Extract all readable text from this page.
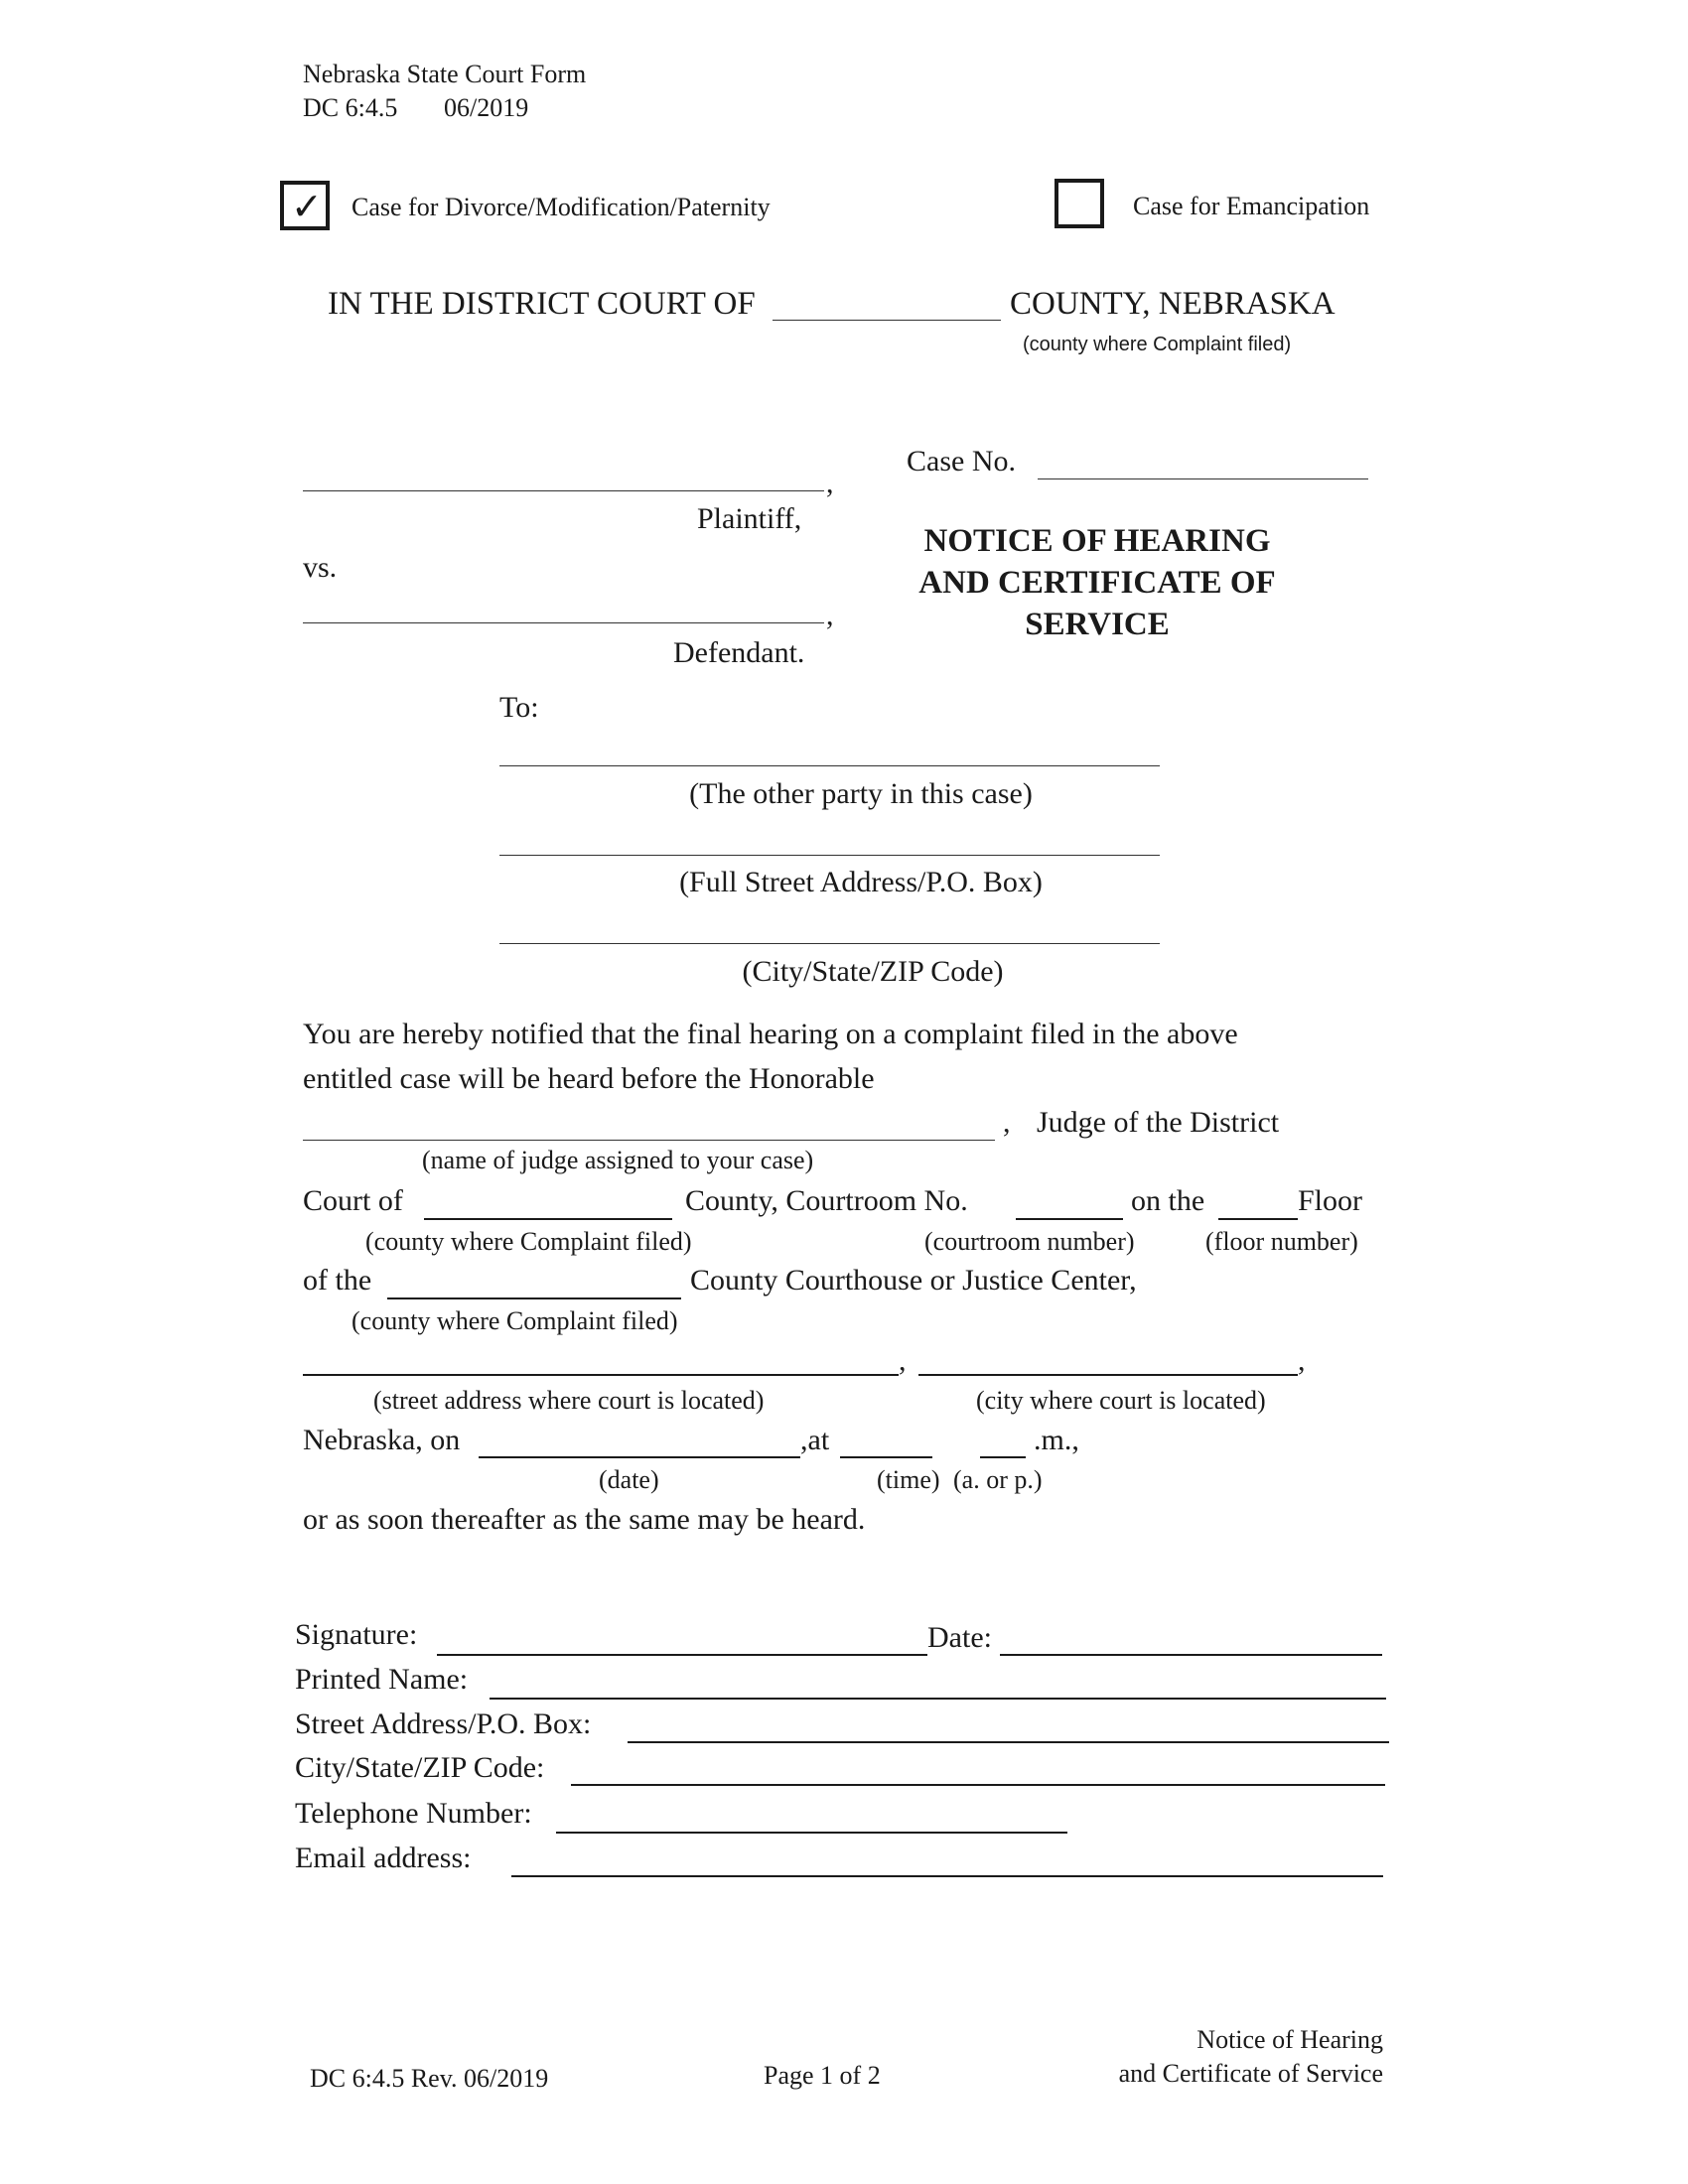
Nebraska State Court Form
DC 6:4.5 06/2019
✓ Case for Divorce/Modification/Paternity	Case for Emancipation
IN THE DISTRICT COURT OF	COUNTY, NEBRASKA
(county where Complaint filed)
Case No.
,
Plaintiff,
vs.
,
Defendant.
NOTICE OF HEARING
AND CERTIFICATE OF
SERVICE
To:
(The other party in this case)
(Full Street Address/P.O. Box)
(City/State/ZIP Code)
You are hereby notified that the final hearing on a complaint filed in the above
entitled case will be heard before the Honorable
, Judge of the District
(name of judge assigned to your case)
Court of	County, Courtroom No.	on the	Floor
(county where Complaint filed)	(courtroom number)	(floor number)
of the	County Courthouse or Justice Center,
(county where Complaint filed)
,	,
(street address where court is located)	(city where court is located)
Nebraska, on	,at	.m.,
(date)	(time) (a. or p.)
or as soon thereafter as the same may be heard.
Signature:	Date:
Printed Name:
Street Address/P.O. Box:
City/State/ZIP Code:
Telephone Number:
Email address:
DC 6:4.5 Rev. 06/2019	Page 1 of 2
Notice of Hearing
and Certificate of Service
